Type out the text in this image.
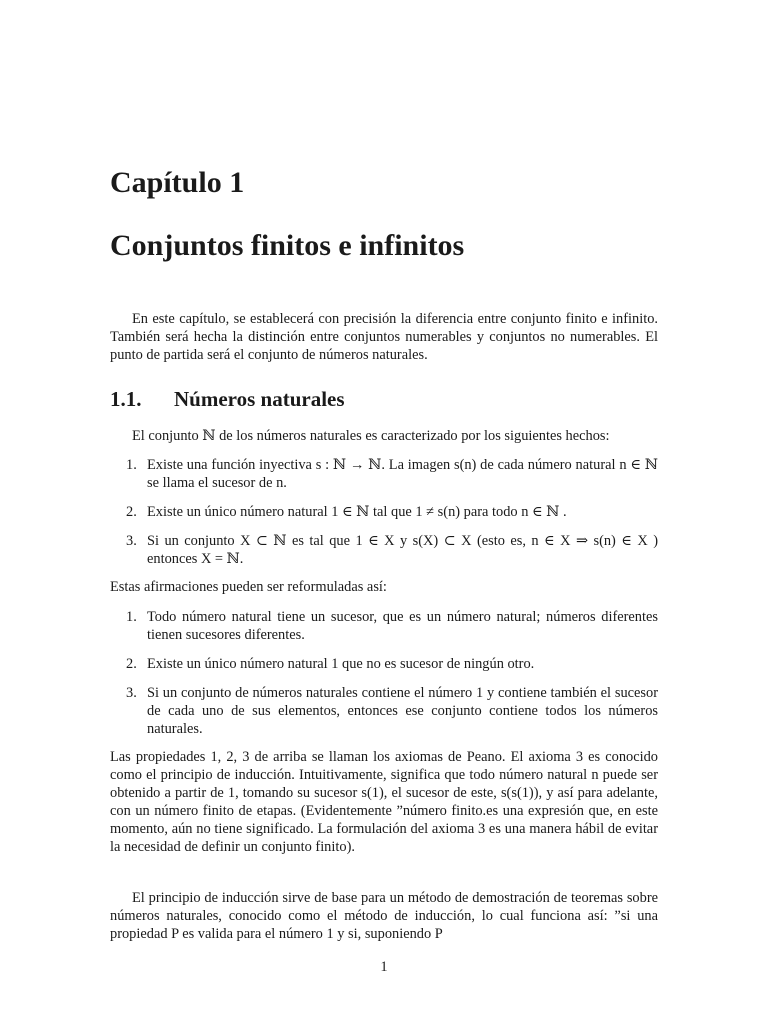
Capítulo 1
Conjuntos finitos e infinitos

En este capítulo, se establecerá con precisión la diferencia entre conjunto finito e infinito. También será hecha la distinción entre conjuntos numerables y conjuntos no numerables. El punto de partida será el conjunto de números naturales.

1.1. Números naturales

El conjunto ℕ de los números naturales es caracterizado por los siguientes hechos:

1. Existe una función inyectiva s : ℕ → ℕ. La imagen s(n) de cada número natural n ∈ ℕ se llama el sucesor de n.
2. Existe un único número natural 1 ∈ ℕ tal que 1 ≠ s(n) para todo n ∈ ℕ .
3. Si un conjunto X ⊂ ℕ es tal que 1 ∈ X y s(X) ⊂ X (esto es, n ∈ X ⇒ s(n) ∈ X ) entonces X = ℕ.

Estas afirmaciones pueden ser reformuladas así:

1. Todo número natural tiene un sucesor, que es un número natural; números diferentes tienen sucesores diferentes.
2. Existe un único número natural 1 que no es sucesor de ningún otro.
3. Si un conjunto de números naturales contiene el número 1 y contiene también el sucesor de cada uno de sus elementos, entonces ese conjunto contiene todos los números naturales.

Las propiedades 1, 2, 3 de arriba se llaman los axiomas de Peano. El axioma 3 es conocido como el principio de inducción. Intuitivamente, significa que todo número natural n puede ser obtenido a partir de 1, tomando su sucesor s(1), el sucesor de este, s(s(1)), y así para adelante, con un número finito de etapas. (Evidentemente ”número finito.es una expresión que, en este momento, aún no tiene significado. La formulación del axioma 3 es una manera hábil de evitar la necesidad de definir un conjunto finito).

El principio de inducción sirve de base para un método de demostración de teoremas sobre números naturales, conocido como el método de inducción, lo cual funciona así: ”si una propiedad P es valida para el número 1 y si, suponiendo P

1
